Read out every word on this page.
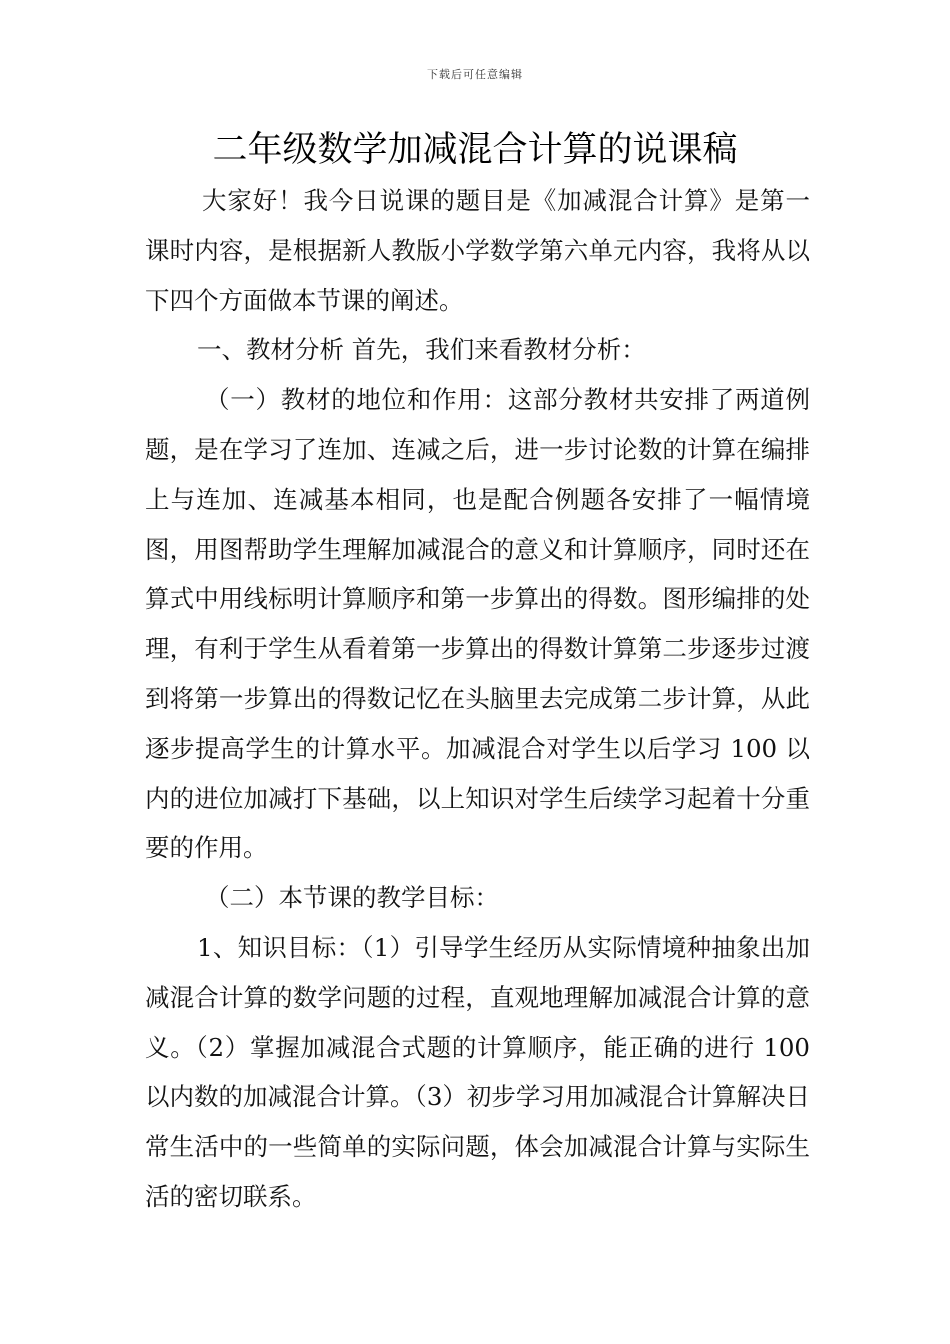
下载后可任意编辑
二年级数学加减混合计算的说课稿

大家好！我今日说课的题目是《加减混合计算》是第一课时内容，是根据新人教版小学数学第六单元内容，我将从以下四个方面做本节课的阐述。

一、教材分析 首先，我们来看教材分析：

（一）教材的地位和作用：这部分教材共安排了两道例题，是在学习了连加、连减之后，进一步讨论数的计算在编排上与连加、连减基本相同，也是配合例题各安排了一幅情境图，用图帮助学生理解加减混合的意义和计算顺序，同时还在算式中用线标明计算顺序和第一步算出的得数。图形编排的处理，有利于学生从看着第一步算出的得数计算第二步逐步过渡到将第一步算出的得数记忆在头脑里去完成第二步计算，从此逐步提高学生的计算水平。加减混合对学生以后学习 100 以内的进位加减打下基础，以上知识对学生后续学习起着十分重要的作用。

（二）本节课的教学目标：

1、知识目标：（1）引导学生经历从实际情境种抽象出加减混合计算的数学问题的过程，直观地理解加减混合计算的意义。（2）掌握加减混合式题的计算顺序，能正确的进行 100 以内数的加减混合计算。（3）初步学习用加减混合计算解决日常生活中的一些简单的实际问题，体会加减混合计算与实际生活的密切联系。
